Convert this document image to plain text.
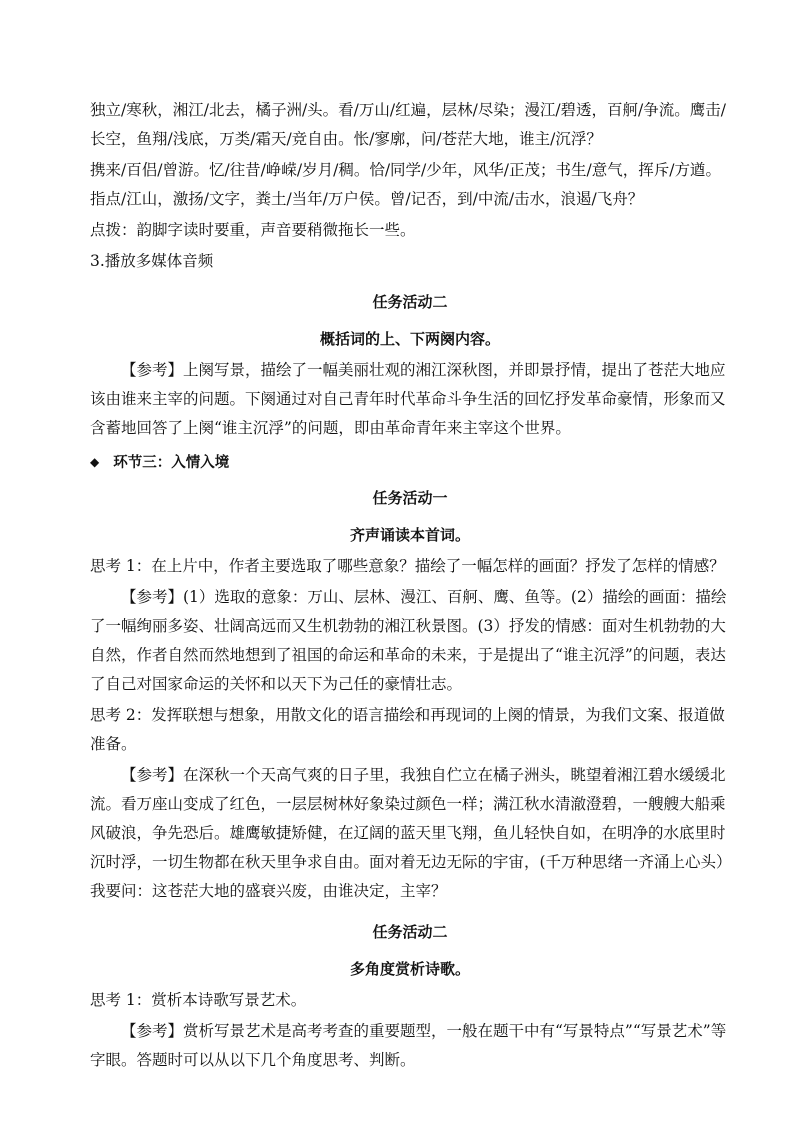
独立/寒秋，湘江/北去，橘子洲/头。看/万山/红遍，层林/尽染；漫江/碧透，百舸/争流。鹰击/长空，鱼翔/浅底，万类/霜天/竞自由。怅/寥廓，问/苍茫大地，谁主/沉浮？

携来/百侣/曾游。忆/往昔/峥嵘/岁月/稠。恰/同学/少年，风华/正茂；书生/意气，挥斥/方遒。指点/江山，激扬/文字，粪土/当年/万户侯。曾/记否，到/中流/击水，浪遏/飞舟？

点拨：韵脚字读时要重，声音要稍微拖长一些。

3.播放多媒体音频

任务活动二

概括词的上、下两阕内容。

【参考】上阕写景，描绘了一幅美丽壮观的湘江深秋图，并即景抒情，提出了苍茫大地应该由谁来主宰的问题。下阕通过对自己青年时代革命斗争生活的回忆抒发革命豪情，形象而又含蓄地回答了上阕“谁主沉浮”的问题，即由革命青年来主宰这个世界。

◆ 环节三：入情入境

任务活动一

齐声诵读本首词。

思考 1：在上片中，作者主要选取了哪些意象？描绘了一幅怎样的画面？抒发了怎样的情感？

【参考】(1）选取的意象：万山、层林、漫江、百舸、鹰、鱼等。(2）描绘的画面：描绘了一幅绚丽多姿、壮阔高远而又生机勃勃的湘江秋景图。(3）抒发的情感：面对生机勃勃的大自然，作者自然而然地想到了祖国的命运和革命的未来，于是提出了“谁主沉浮”的问题，表达了自己对国家命运的关怀和以天下为己任的豪情壮志。

思考 2：发挥联想与想象，用散文化的语言描绘和再现词的上阕的情景，为我们文案、报道做准备。

【参考】在深秋一个天高气爽的日子里，我独自伫立在橘子洲头，眺望着湘江碧水缓缓北流。看万座山变成了红色，一层层树林好象染过颜色一样；满江秋水清澈澄碧，一艘艘大船乘风破浪，争先恐后。雄鹰敏捷矫健，在辽阔的蓝天里飞翔，鱼儿轻快自如，在明净的水底里时沉时浮，一切生物都在秋天里争求自由。面对着无边无际的宇宙，(千万种思绪一齐涌上心头）我要问：这苍茫大地的盛衰兴废，由谁决定，主宰？

任务活动二

多角度赏析诗歌。

思考 1：赏析本诗歌写景艺术。

【参考】赏析写景艺术是高考考查的重要题型，一般在题干中有“写景特点”“写景艺术”等字眼。答题时可以从以下几个角度思考、判断。
